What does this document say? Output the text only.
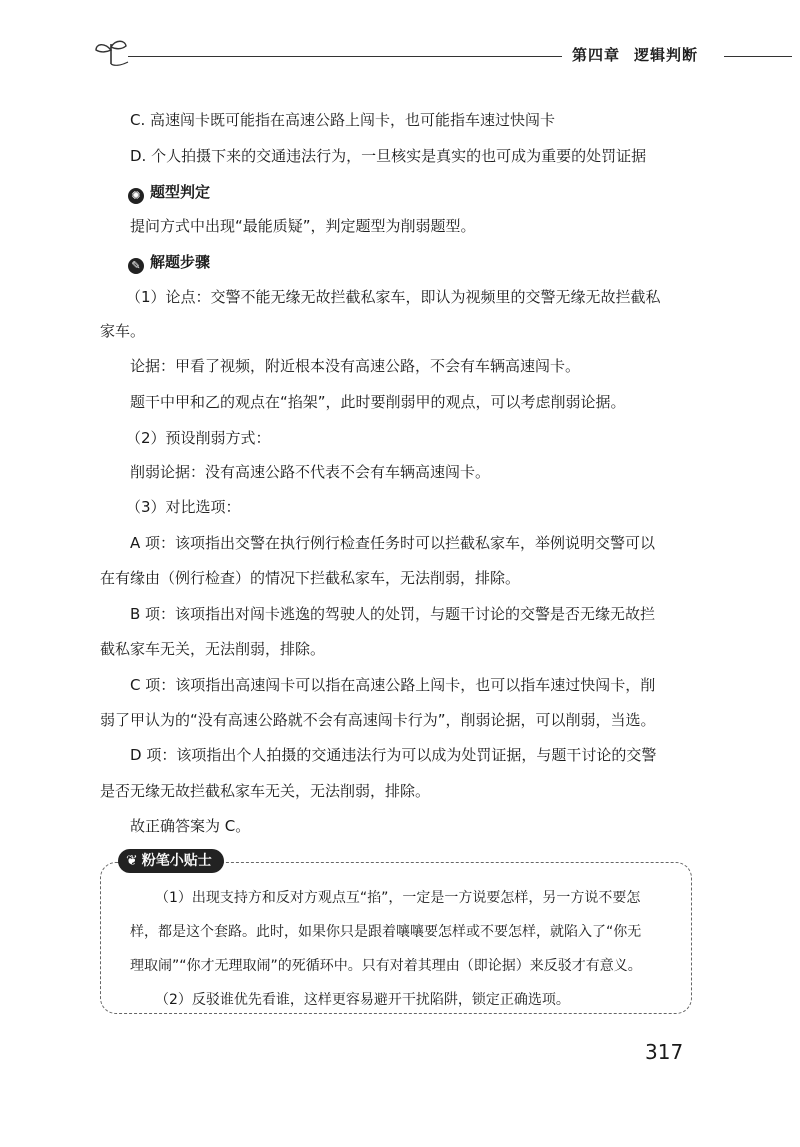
第四章 逻辑判断
C. 高速闯卡既可能指在高速公路上闯卡，也可能指车速过快闯卡
D. 个人拍摄下来的交通违法行为，一旦核实是真实的也可成为重要的处罚证据
✺ 题型判定
提问方式中出现“最能质疑”，判定题型为削弱题型。
✎ 解题步骤
（1）论点：交警不能无缘无故拦截私家车，即认为视频里的交警无缘无故拦截私
家车。
论据：甲看了视频，附近根本没有高速公路，不会有车辆高速闯卡。
题干中甲和乙的观点在“掐架”，此时要削弱甲的观点，可以考虑削弱论据。
（2）预设削弱方式：
削弱论据：没有高速公路不代表不会有车辆高速闯卡。
（3）对比选项：
A 项：该项指出交警在执行例行检查任务时可以拦截私家车，举例说明交警可以
在有缘由（例行检查）的情况下拦截私家车，无法削弱，排除。
B 项：该项指出对闯卡逃逸的驾驶人的处罚，与题干讨论的交警是否无缘无故拦
截私家车无关，无法削弱，排除。
C 项：该项指出高速闯卡可以指在高速公路上闯卡，也可以指车速过快闯卡，削
弱了甲认为的“没有高速公路就不会有高速闯卡行为”，削弱论据，可以削弱，当选。
D 项：该项指出个人拍摄的交通违法行为可以成为处罚证据，与题干讨论的交警
是否无缘无故拦截私家车无关，无法削弱，排除。
故正确答案为 C。
❦ 粉笔小贴士
（1）出现支持方和反对方观点互“掐”，一定是一方说要怎样，另一方说不要怎
样，都是这个套路。此时，如果你只是跟着嚷嚷要怎样或不要怎样，就陷入了“你无
理取闹”“你才无理取闹”的死循环中。只有对着其理由（即论据）来反驳才有意义。
（2）反驳谁优先看谁，这样更容易避开干扰陷阱，锁定正确选项。
317
